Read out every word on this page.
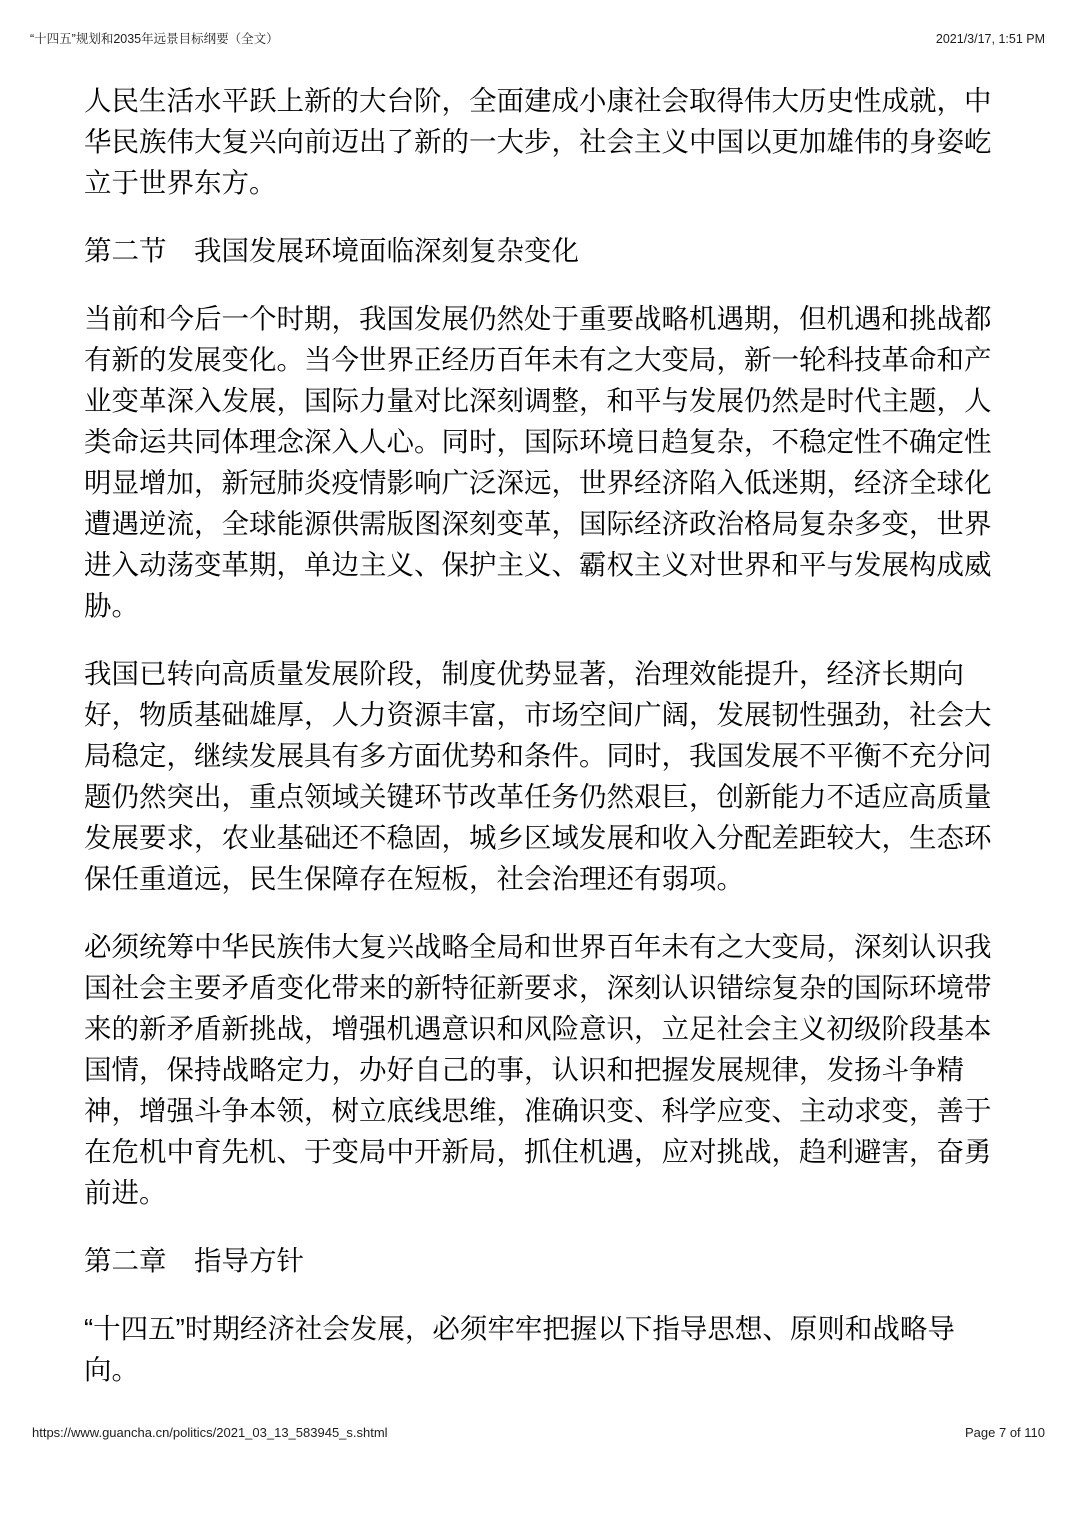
“十四五”规划和2035年远景目标纲要（全文）	2021/3/17, 1:51 PM

人民生活水平跃上新的大台阶，全面建成小康社会取得伟大历史性成就，中华民族伟大复兴向前迈出了新的一大步，社会主义中国以更加雄伟的身姿屹立于世界东方。

第二节　我国发展环境面临深刻复杂变化

当前和今后一个时期，我国发展仍然处于重要战略机遇期，但机遇和挑战都有新的发展变化。当今世界正经历百年未有之大变局，新一轮科技革命和产业变革深入发展，国际力量对比深刻调整，和平与发展仍然是时代主题，人类命运共同体理念深入人心。同时，国际环境日趋复杂，不稳定性不确定性明显增加，新冠肺炎疫情影响广泛深远，世界经济陷入低迷期，经济全球化遭遇逆流，全球能源供需版图深刻变革，国际经济政治格局复杂多变，世界进入动荡变革期，单边主义、保护主义、霸权主义对世界和平与发展构成威胁。

我国已转向高质量发展阶段，制度优势显著，治理效能提升，经济长期向好，物质基础雄厚，人力资源丰富，市场空间广阔，发展韧性强劲，社会大局稳定，继续发展具有多方面优势和条件。同时，我国发展不平衡不充分问题仍然突出，重点领域关键环节改革任务仍然艰巨，创新能力不适应高质量发展要求，农业基础还不稳固，城乡区域发展和收入分配差距较大，生态环保任重道远，民生保障存在短板，社会治理还有弱项。

必须统筹中华民族伟大复兴战略全局和世界百年未有之大变局，深刻认识我国社会主要矛盾变化带来的新特征新要求，深刻认识错综复杂的国际环境带来的新矛盾新挑战，增强机遇意识和风险意识，立足社会主义初级阶段基本国情，保持战略定力，办好自己的事，认识和把握发展规律，发扬斗争精神，增强斗争本领，树立底线思维，准确识变、科学应变、主动求变，善于在危机中育先机、于变局中开新局，抓住机遇，应对挑战，趋利避害，奋勇前进。

第二章　指导方针

“十四五”时期经济社会发展，必须牢牢把握以下指导思想、原则和战略导向。

https://www.guancha.cn/politics/2021_03_13_583945_s.shtml	Page 7 of 110
